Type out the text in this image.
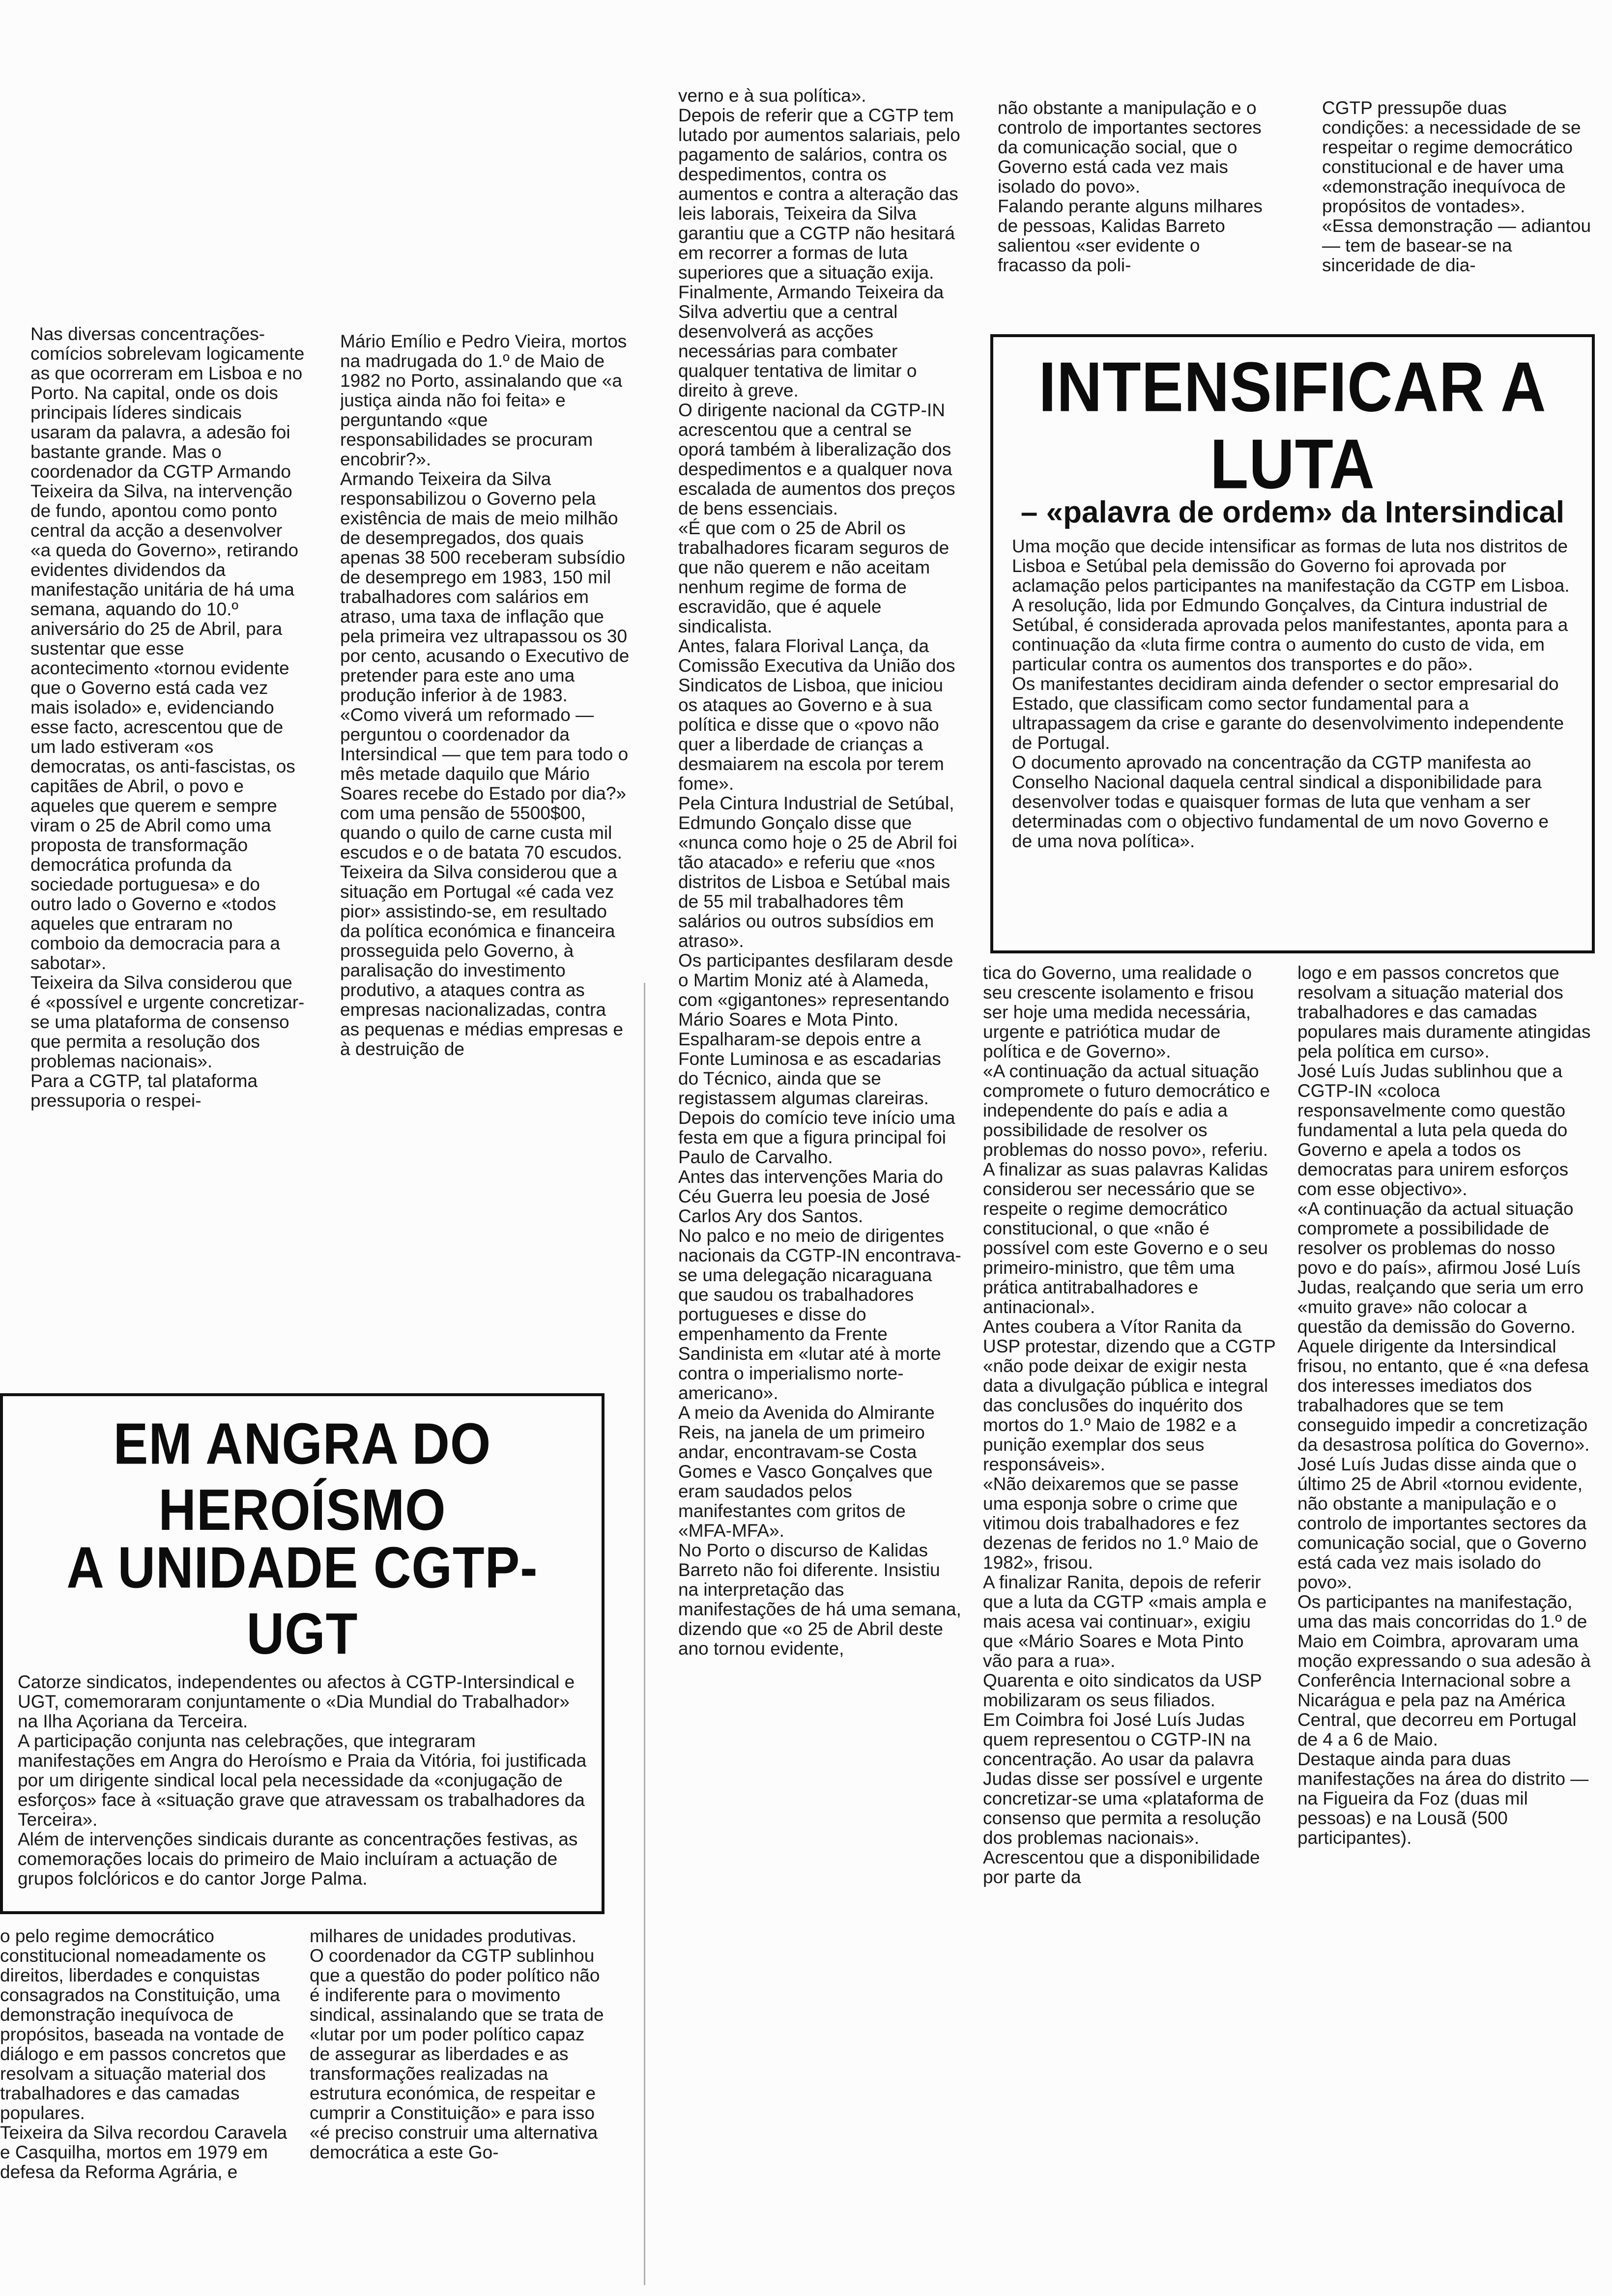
Nas diversas concentrações-comícios sobrelevam logicamente as que ocorreram em Lisboa e no Porto. Na capital, onde os dois principais líderes sindicais usaram da palavra, a adesão foi bastante grande. Mas o coordenador da CGTP Armando Teixeira da Silva, na intervenção de fundo, apontou como ponto central da acção a desenvolver «a queda do Governo», retirando evidentes dividendos da manifestação unitária de há uma semana, aquando do 10.º aniversário do 25 de Abril, para sustentar que esse acontecimento «tornou evidente que o Governo está cada vez mais isolado» e, evidenciando esse facto, acrescentou que de um lado estiveram «os democratas, os anti-fascistas, os capitães de Abril, o povo e aqueles que querem e sempre viram o 25 de Abril como uma proposta de transformação democrática profunda da sociedade portuguesa» e do outro lado o Governo e «todos aqueles que entraram no comboio da democracia para a sabotar».
Teixeira da Silva considerou que é «possível e urgente concretizar-se uma plataforma de consenso que permita a resolução dos problemas nacionais».
Para a CGTP, tal plataforma pressuporia o respei-
Mário Emílio e Pedro Vieira, mortos na madrugada do 1.º de Maio de 1982 no Porto, assinalando que «a justiça ainda não foi feita» e perguntando «que responsabilidades se procuram encobrir?».
Armando Teixeira da Silva responsabilizou o Governo pela existência de mais de meio milhão de desempregados, dos quais apenas 38 500 receberam subsídio de desemprego em 1983, 150 mil trabalhadores com salários em atraso, uma taxa de inflação que pela primeira vez ultrapassou os 30 por cento, acusando o Executivo de pretender para este ano uma produção inferior à de 1983.
«Como viverá um reformado — perguntou o coordenador da Intersindical — que tem para todo o mês metade daquilo que Mário Soares recebe do Estado por dia?» com uma pensão de 5500$00, quando o quilo de carne custa mil escudos e o de batata 70 escudos.
Teixeira da Silva considerou que a situação em Portugal «é cada vez pior» assistindo-se, em resultado da política económica e financeira prosseguida pelo Governo, à paralisação do investimento produtivo, a ataques contra as empresas nacionalizadas, contra as pequenas e médias empresas e à destruição de
verno e à sua política».
Depois de referir que a CGTP tem lutado por aumentos salariais, pelo pagamento de salários, contra os despedimentos, contra os aumentos e contra a alteração das leis laborais, Teixeira da Silva garantiu que a CGTP não hesitará em recorrer a formas de luta superiores que a situação exija.
Finalmente, Armando Teixeira da Silva advertiu que a central desenvolverá as acções necessárias para combater qualquer tentativa de limitar o direito à greve.
O dirigente nacional da CGTP-IN acrescentou que a central se oporá também à liberalização dos despedimentos e a qualquer nova escalada de aumentos dos preços de bens essenciais.
«É que com o 25 de Abril os trabalhadores ficaram seguros de que não querem e não aceitam nenhum regime de forma de escravidão, que é aquele sindicalista.
Antes, falara Florival Lança, da Comissão Executiva da União dos Sindicatos de Lisboa, que iniciou os ataques ao Governo e à sua política e disse que o «povo não quer a liberdade de crianças a desmaiarem na escola por terem fome».
Pela Cintura Industrial de Setúbal, Edmundo Gonçalo disse que «nunca como hoje o 25 de Abril foi tão atacado» e referiu que «nos distritos de Lisboa e Setúbal mais de 55 mil trabalhadores têm salários ou outros subsídios em atraso».
Os participantes desfilaram desde o Martim Moniz até à Alameda, com «gigantones» representando Mário Soares e Mota Pinto. Espalharam-se depois entre a Fonte Luminosa e as escadarias do Técnico, ainda que se registassem algumas clareiras.
Depois do comício teve início uma festa em que a figura principal foi Paulo de Carvalho.
Antes das intervenções Maria do Céu Guerra leu poesia de José Carlos Ary dos Santos.
No palco e no meio de dirigentes nacionais da CGTP-IN encontrava-se uma delegação nicaraguana que saudou os trabalhadores portugueses e disse do empenhamento da Frente Sandinista em «lutar até à morte contra o imperialismo norte-americano».
A meio da Avenida do Almirante Reis, na janela de um primeiro andar, encontravam-se Costa Gomes e Vasco Gonçalves que eram saudados pelos manifestantes com gritos de «MFA-MFA».
No Porto o discurso de Kalidas Barreto não foi diferente. Insistiu na interpretação das manifestações de há uma semana, dizendo que «o 25 de Abril deste ano tornou evidente,
não obstante a manipulação e o controlo de importantes sectores da comunicação social, que o Governo está cada vez mais isolado do povo».
Falando perante alguns milhares de pessoas, Kalidas Barreto salientou «ser evidente o fracasso da poli-
CGTP pressupõe duas condições: a necessidade de se respeitar o regime democrático constitucional e de haver uma «demonstração inequívoca de propósitos de vontades».
«Essa demonstração — adiantou — tem de basear-se na sinceridade de dia-
INTENSIFICAR A LUTA

– «palavra de ordem» da Intersindical

Uma moção que decide intensificar as formas de luta nos distritos de Lisboa e Setúbal pela demissão do Governo foi aprovada por aclamação pelos participantes na manifestação da CGTP em Lisboa.
A resolução, lida por Edmundo Gonçalves, da Cintura industrial de Setúbal, é considerada aprovada pelos manifestantes, aponta para a continuação da «luta firme contra o aumento do custo de vida, em particular contra os aumentos dos transportes e do pão».
Os manifestantes decidiram ainda defender o sector empresarial do Estado, que classificam como sector fundamental para a ultrapassagem da crise e garante do desenvolvimento independente de Portugal.
O documento aprovado na concentração da CGTP manifesta ao Conselho Nacional daquela central sindical a disponibilidade para desenvolver todas e quaisquer formas de luta que venham a ser determinadas com o objectivo fundamental de um novo Governo e de uma nova política».

tica do Governo, uma realidade o seu crescente isolamento e frisou ser hoje uma medida necessária, urgente e patriótica mudar de política e de Governo».
«A continuação da actual situação compromete o futuro democrático e independente do país e adia a possibilidade de resolver os problemas do nosso povo», referiu.
A finalizar as suas palavras Kalidas considerou ser necessário que se respeite o regime democrático constitucional, o que «não é possível com este Governo e o seu primeiro-ministro, que têm uma prática antitrabalhadores e antinacional».
Antes coubera a Vítor Ranita da USP protestar, dizendo que a CGTP «não pode deixar de exigir nesta data a divulgação pública e integral das conclusões do inquérito dos mortos do 1.º Maio de 1982 e a punição exemplar dos seus responsáveis».
«Não deixaremos que se passe uma esponja sobre o crime que vitimou dois trabalhadores e fez dezenas de feridos no 1.º Maio de 1982», frisou.
A finalizar Ranita, depois de referir que a luta da CGTP «mais ampla e mais acesa vai continuar», exigiu que «Mário Soares e Mota Pinto vão para a rua».
Quarenta e oito sindicatos da USP mobilizaram os seus filiados.
Em Coimbra foi José Luís Judas quem representou o CGTP-IN na concentração. Ao usar da palavra Judas disse ser possível e urgente concretizar-se uma «plataforma de consenso que permita a resolução dos problemas nacionais».
Acrescentou que a disponibilidade por parte da
logo e em passos concretos que resolvam a situação material dos trabalhadores e das camadas populares mais duramente atingidas pela política em curso».
José Luís Judas sublinhou que a CGTP-IN «coloca responsavelmente como questão fundamental a luta pela queda do Governo e apela a todos os democratas para unirem esforços com esse objectivo».
«A continuação da actual situação compromete a possibilidade de resolver os problemas do nosso povo e do país», afirmou José Luís Judas, realçando que seria um erro «muito grave» não colocar a questão da demissão do Governo.
Aquele dirigente da Intersindical frisou, no entanto, que é «na defesa dos interesses imediatos dos trabalhadores que se tem conseguido impedir a concretização da desastrosa política do Governo».
José Luís Judas disse ainda que o último 25 de Abril «tornou evidente, não obstante a manipulação e o controlo de importantes sectores da comunicação social, que o Governo está cada vez mais isolado do povo».
Os participantes na manifestação, uma das mais concorridas do 1.º de Maio em Coimbra, aprovaram uma moção expressando o sua adesão à Conferência Internacional sobre a Nicarágua e pela paz na América Central, que decorreu em Portugal de 4 a 6 de Maio.
Destaque ainda para duas manifestações na área do distrito — na Figueira da Foz (duas mil pessoas) e na Lousã (500 participantes).
EM ANGRA DO HEROÍSMO
A UNIDADE CGTP-UGT

Catorze sindicatos, independentes ou afectos à CGTP-Intersindical e UGT, comemoraram conjuntamente o «Dia Mundial do Trabalhador» na Ilha Açoriana da Terceira.
A participação conjunta nas celebrações, que integraram manifestações em Angra do Heroísmo e Praia da Vitória, foi justificada por um dirigente sindical local pela necessidade da «conjugação de esforços» face à «situação grave que atravessam os trabalhadores da Terceira».
Além de intervenções sindicais durante as concentrações festivas, as comemorações locais do primeiro de Maio incluíram a actuação de grupos folclóricos e do cantor Jorge Palma.

o pelo regime democrático constitucional nomeadamente os direitos, liberdades e conquistas consagrados na Constituição, uma demonstração inequívoca de propósitos, baseada na vontade de diálogo e em passos concretos que resolvam a situação material dos trabalhadores e das camadas populares.
Teixeira da Silva recordou Caravela e Casquilha, mortos em 1979 em defesa da Reforma Agrária, e
milhares de unidades produtivas.
O coordenador da CGTP sublinhou que a questão do poder político não é indiferente para o movimento sindical, assinalando que se trata de «lutar por um poder político capaz de assegurar as liberdades e as transformações realizadas na estrutura económica, de respeitar e cumprir a Constituição» e para isso «é preciso construir uma alternativa democrática a este Go-
